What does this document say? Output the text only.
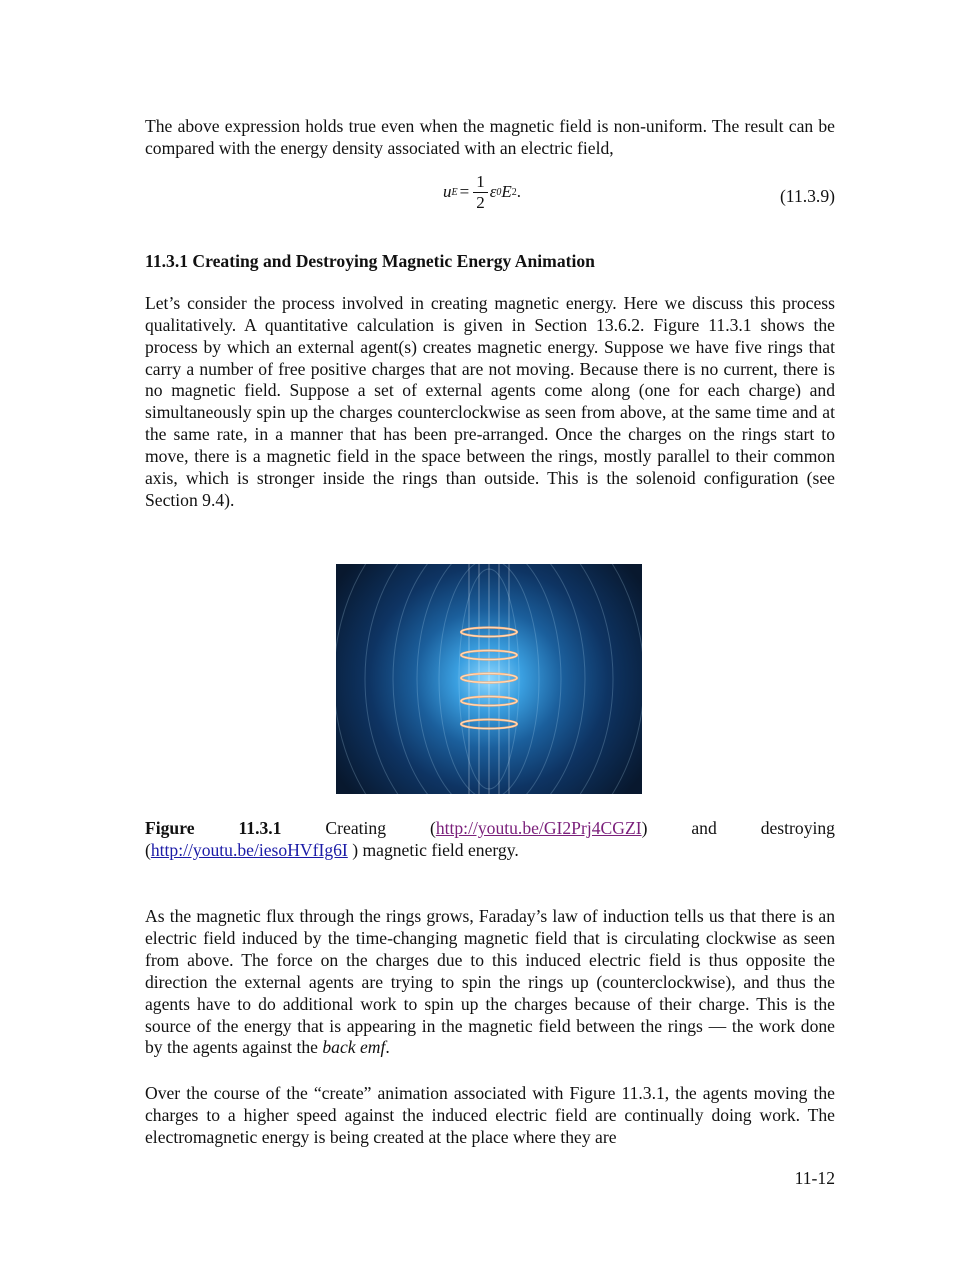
The above expression holds true even when the magnetic field is non-uniform. The result can be compared with the energy density associated with an electric field,

u $E = \frac{1}{2}$ ε 0 E 2 .	(11.3.9)
11.3.1 Creating and Destroying Magnetic Energy Animation

Let’s consider the process involved in creating magnetic energy. Here we discuss this process qualitatively. A quantitative calculation is given in Section 13.6.2. Figure 11.3.1 shows the process by which an external agent(s) creates magnetic energy. Suppose we have five rings that carry a number of free positive charges that are not moving. Because there is no current, there is no magnetic field. Suppose a set of external agents come along (one for each charge) and simultaneously spin up the charges counterclockwise as seen from above, at the same time and at the same rate, in a manner that has been pre-arranged. Once the charges on the rings start to move, there is a magnetic field in the space between the rings, mostly parallel to their common axis, which is stronger inside the rings than outside. This is the solenoid configuration (see Section 9.4).

Figure 11.3.1 Creating (http://youtu.be/GI2Prj4CGZI) and destroying
(http://youtu.be/iesoHVfIg6I ) magnetic field energy.

As the magnetic flux through the rings grows, Faraday’s law of induction tells us that there is an electric field induced by the time-changing magnetic field that is circulating clockwise as seen from above. The force on the charges due to this induced electric field is thus opposite the direction the external agents are trying to spin the rings up (counterclockwise), and thus the agents have to do additional work to spin up the charges because of their charge. This is the source of the energy that is appearing in the magnetic field between the rings — the work done by the agents against the back emf.

Over the course of the “create” animation associated with Figure 11.3.1, the agents moving the charges to a higher speed against the induced electric field are continually doing work. The electromagnetic energy is being created at the place where they are

11-12
